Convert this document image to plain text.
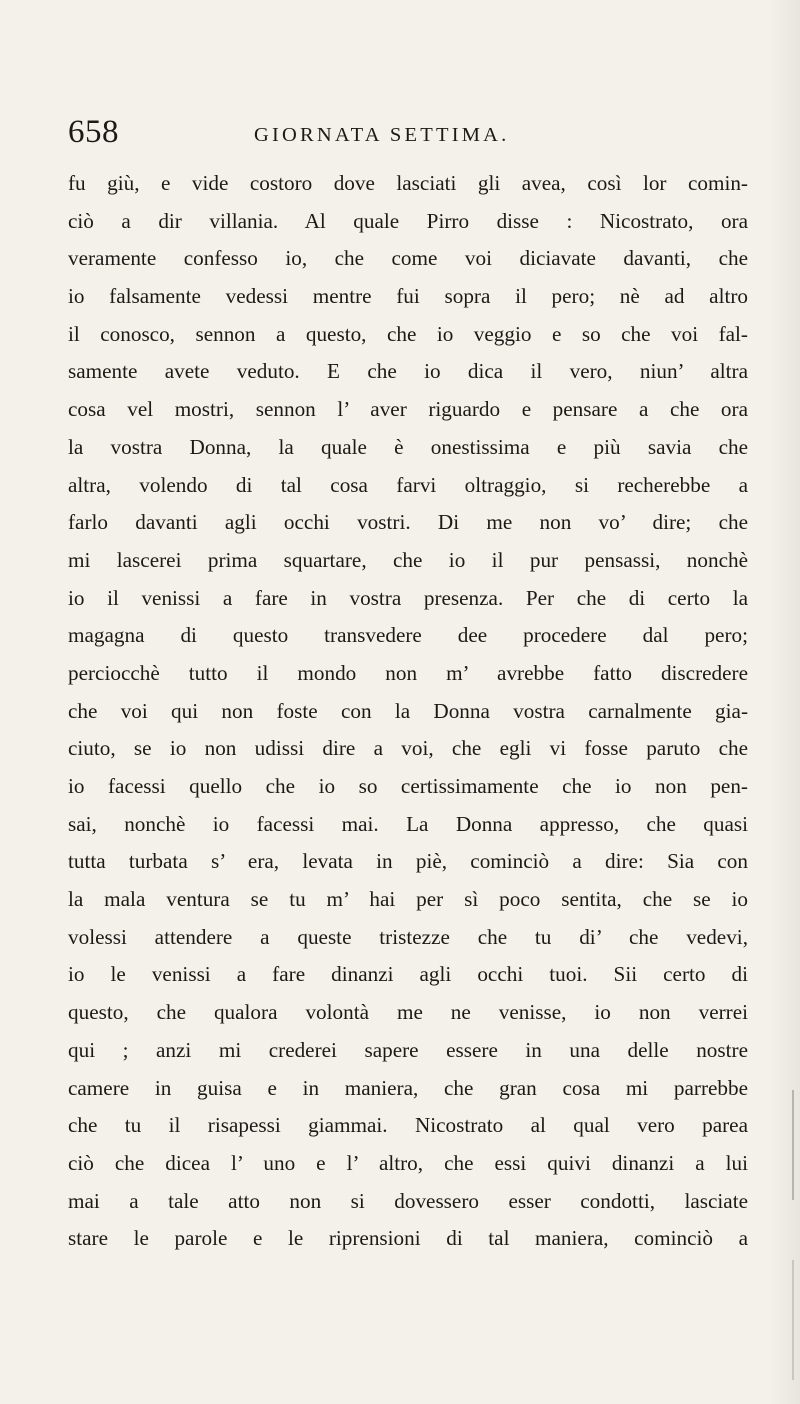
658	GIORNATA SETTIMA.
fu giù, e vide costoro dove lasciati gli avea, così lor comin-
ciò a dir villania. Al quale Pirro disse : Nicostrato, ora
veramente confesso io, che come voi diciavate davanti, che
io falsamente vedessi mentre fui sopra il pero; nè ad altro
il conosco, sennon a questo, che io veggio e so che voi fal-
samente avete veduto. E che io dica il vero, niun’ altra
cosa vel mostri, sennon l’ aver riguardo e pensare a che ora
la vostra Donna, la quale è onestissima e più savia che
altra, volendo di tal cosa farvi oltraggio, si recherebbe a
farlo davanti agli occhi vostri. Di me non vo’ dire; che
mi lascerei prima squartare, che io il pur pensassi, nonchè
io il venissi a fare in vostra presenza. Per che di certo la
magagna di questo transvedere dee procedere dal pero;
perciocchè tutto il mondo non m’ avrebbe fatto discredere
che voi qui non foste con la Donna vostra carnalmente gia-
ciuto, se io non udissi dire a voi, che egli vi fosse paruto che
io facessi quello che io so certissimamente che io non pen-
sai, nonchè io facessi mai. La Donna appresso, che quasi
tutta turbata s’ era, levata in piè, cominciò a dire: Sia con
la mala ventura se tu m’ hai per sì poco sentita, che se io
volessi attendere a queste tristezze che tu di’ che vedevi,
io le venissi a fare dinanzi agli occhi tuoi. Sii certo di
questo, che qualora volontà me ne venisse, io non verrei
qui ; anzi mi crederei sapere essere in una delle nostre
camere in guisa e in maniera, che gran cosa mi parrebbe
che tu il risapessi giammai. Nicostrato al qual vero parea
ciò che dicea l’ uno e l’ altro, che essi quivi dinanzi a lui
mai a tale atto non si dovessero esser condotti, lasciate
stare le parole e le riprensioni di tal maniera, cominciò a
